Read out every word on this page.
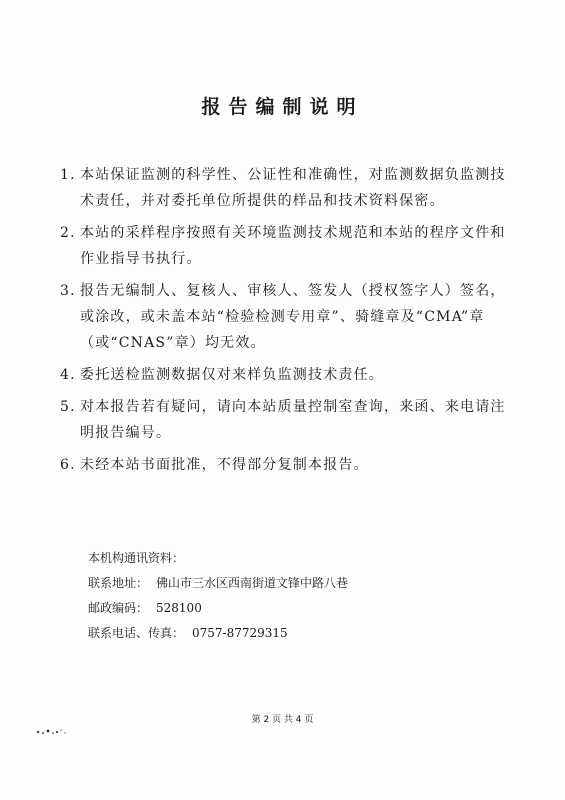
报告编制说明
1. 本站保证监测的科学性、公证性和准确性，对监测数据负监测技术责任，并对委托单位所提供的样品和技术资料保密。
2. 本站的采样程序按照有关环境监测技术规范和本站的程序文件和作业指导书执行。
3. 报告无编制人、复核人、审核人、签发人（授权签字人）签名，或涂改，或未盖本站“检验检测专用章”、骑缝章及“CMA”章（或“CNAS”章）均无效。
4. 委托送检监测数据仅对来样负监测技术责任。
5. 对本报告若有疑问，请向本站质量控制室查询，来函、来电请注明报告编号。
6. 未经本站书面批准，不得部分复制本报告。
本机构通讯资料：
联系地址： 佛山市三水区西南街道文锋中路八巷
邮政编码： 528100
联系电话、传真： 0757-87729315
第 2 页 共 4 页
